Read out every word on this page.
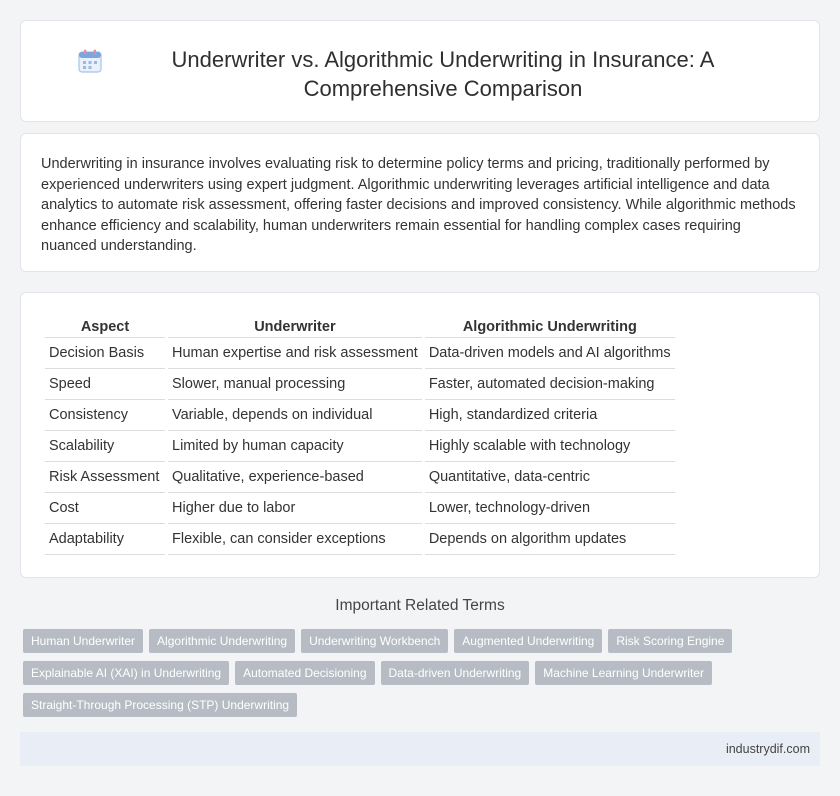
Underwriter vs. Algorithmic Underwriting in Insurance: A Comprehensive Comparison

Underwriting in insurance involves evaluating risk to determine policy terms and pricing, traditionally performed by experienced underwriters using expert judgment. Algorithmic underwriting leverages artificial intelligence and data analytics to automate risk assessment, offering faster decisions and improved consistency. While algorithmic methods enhance efficiency and scalability, human underwriters remain essential for handling complex cases requiring nuanced understanding.

Aspect	Underwriter	Algorithmic Underwriting
Decision Basis	Human expertise and risk assessment	Data-driven models and AI algorithms
Speed	Slower, manual processing	Faster, automated decision-making
Consistency	Variable, depends on individual	High, standardized criteria
Scalability	Limited by human capacity	Highly scalable with technology
Risk Assessment	Qualitative, experience-based	Quantitative, data-centric
Cost	Higher due to labor	Lower, technology-driven
Adaptability	Flexible, can consider exceptions	Depends on algorithm updates
Important Related Terms
Human Underwriter	Algorithmic Underwriting	Underwriting Workbench	Augmented Underwriting	Risk Scoring Engine
Explainable AI (XAI) in Underwriting	Automated Decisioning	Data-driven Underwriting	Machine Learning Underwriter
Straight-Through Processing (STP) Underwriting
industrydif.com
